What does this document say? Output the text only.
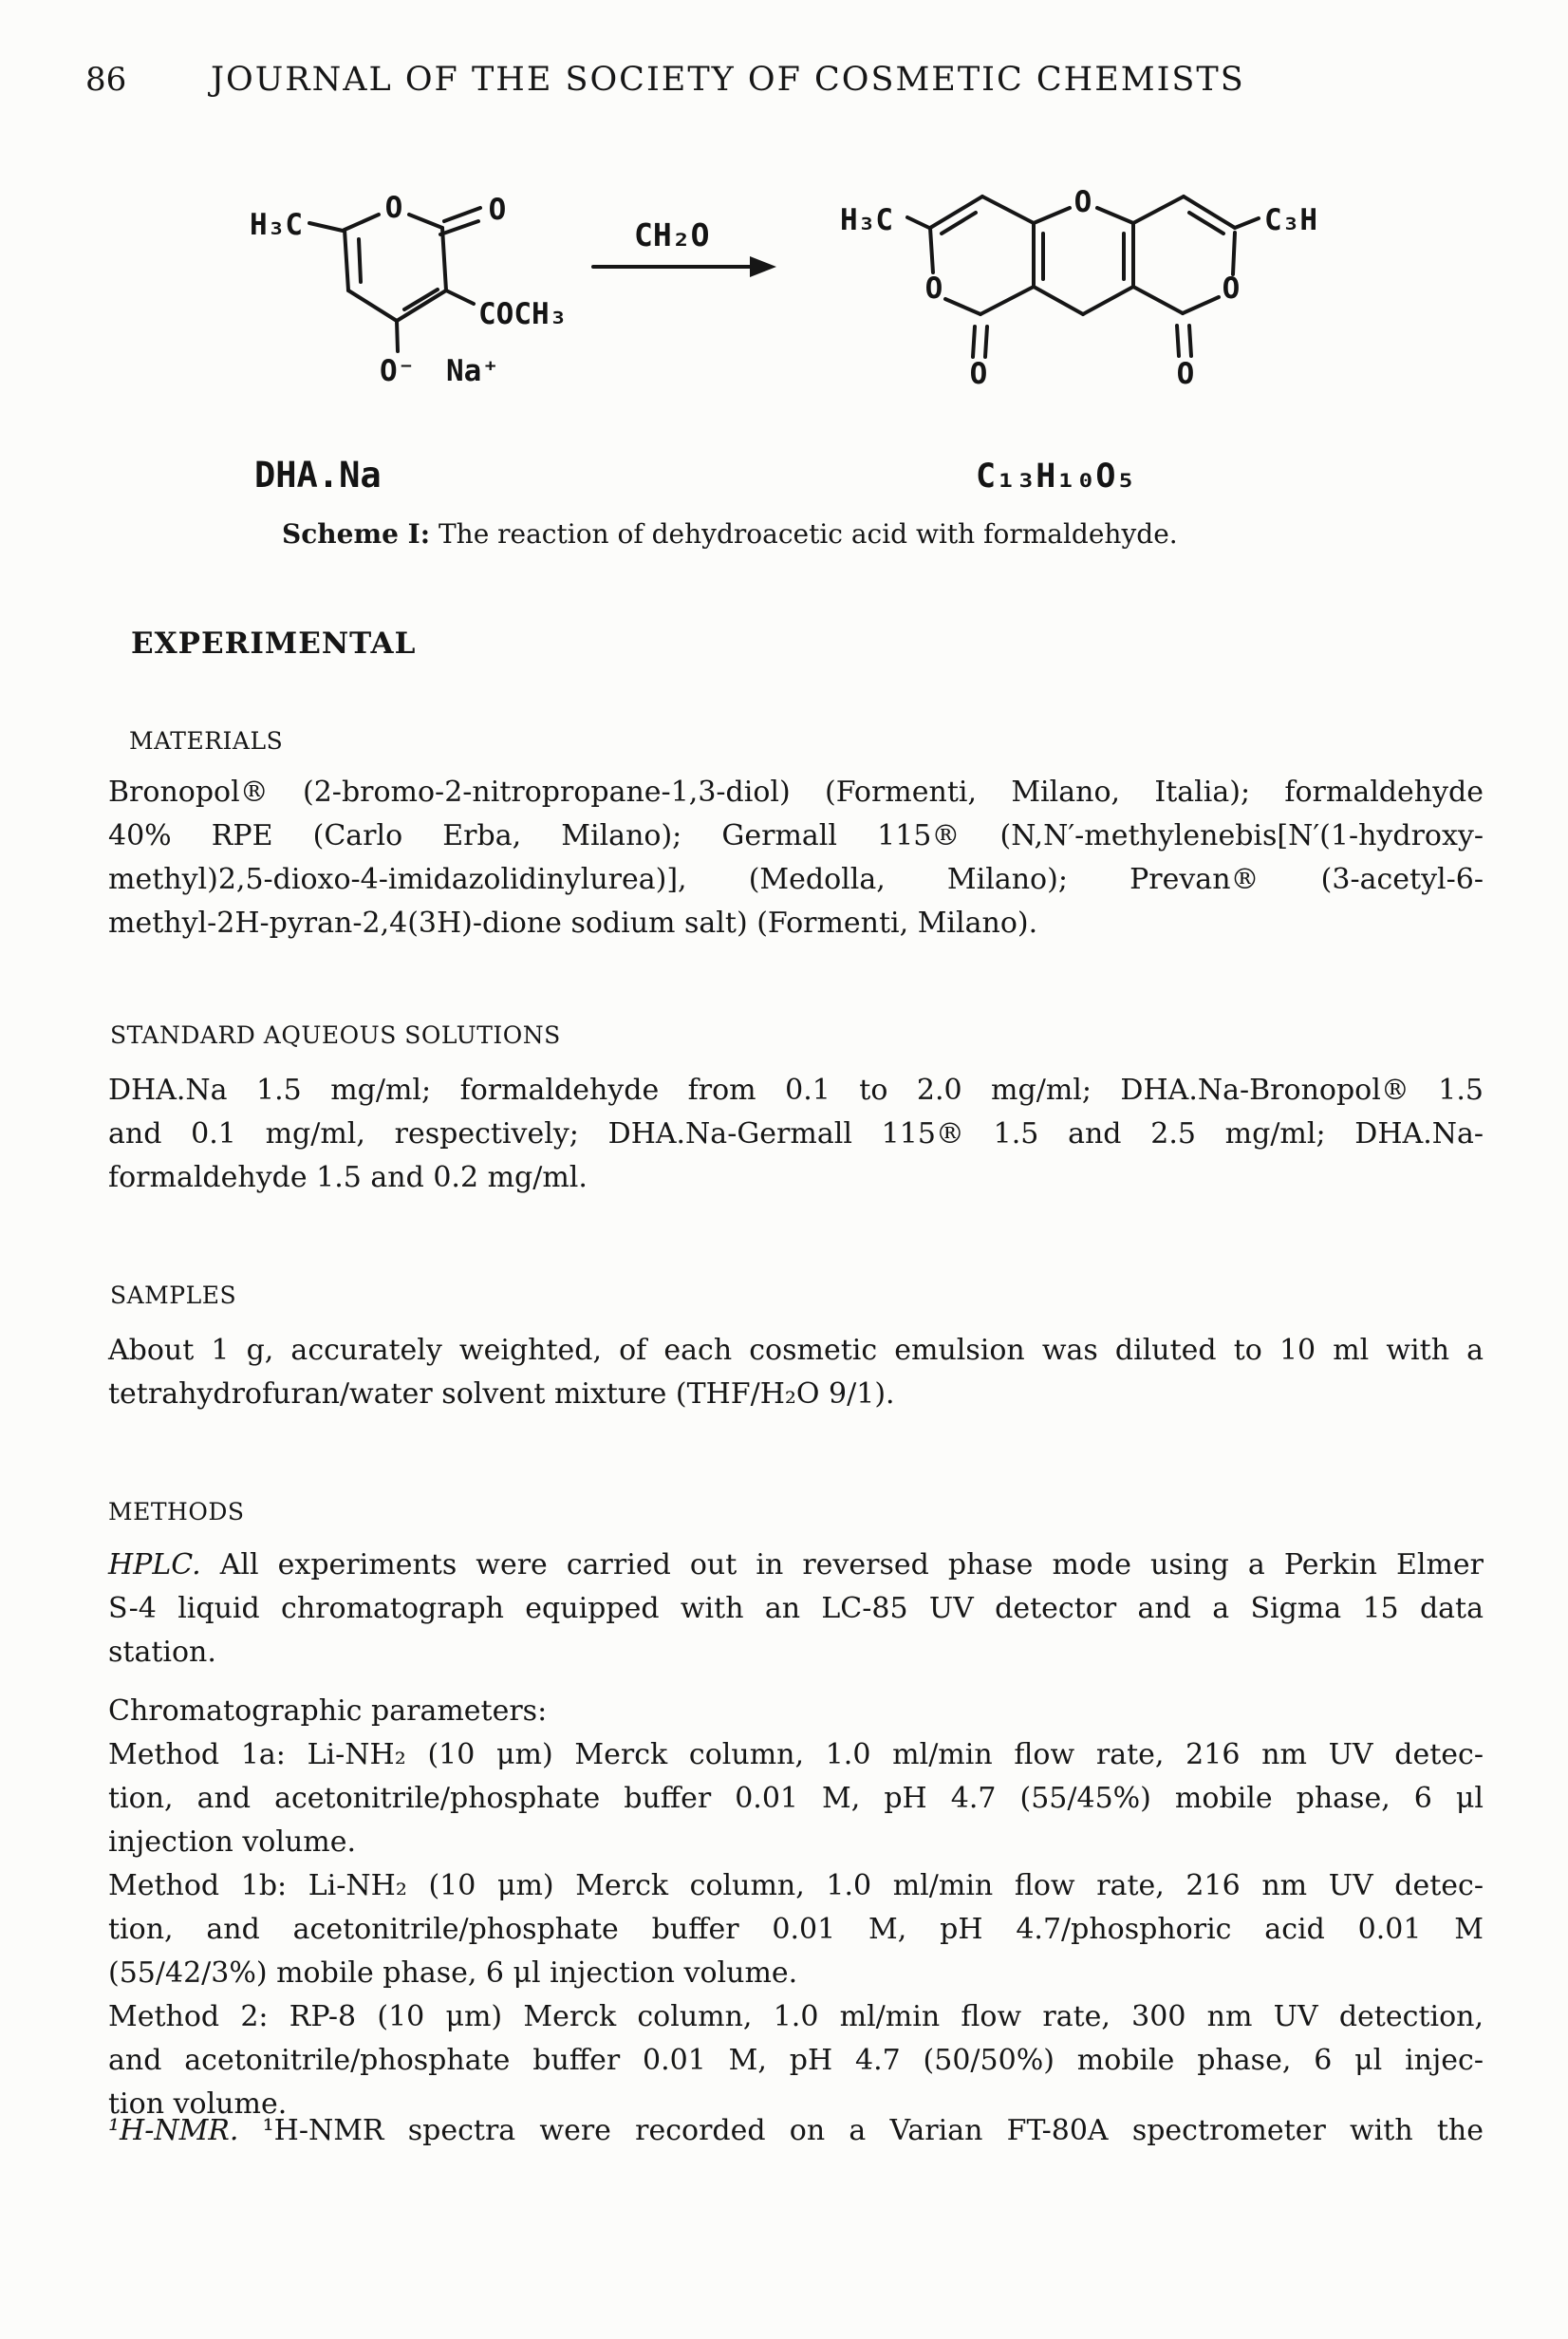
86	JOURNAL OF THE SOCIETY OF COSMETIC CHEMISTS
H₃C	O	O
COCH₃
O⁻ Na⁺
DHA.Na
CH₂O	H₃C	C₃H
O
O	O
O	O
C₁₃H₁₀O₅
Scheme I: The reaction of dehydroacetic acid with formaldehyde.
EXPERIMENTAL
MATERIALS
Bronopol® (2-bromo-2-nitropropane-1,3-diol) (Formenti, Milano, Italia); formaldehyde
40% RPE (Carlo Erba, Milano); Germall 115® (N,N′-methylenebis[N′(1-hydroxy-
methyl)2,5-dioxo-4-imidazolidinylurea)], (Medolla, Milano); Prevan® (3-acetyl-6-
methyl-2H-pyran-2,4(3H)-dione sodium salt) (Formenti, Milano).
STANDARD AQUEOUS SOLUTIONS
DHA.Na 1.5 mg/ml; formaldehyde from 0.1 to 2.0 mg/ml; DHA.Na-Bronopol® 1.5
and 0.1 mg/ml, respectively; DHA.Na-Germall 115® 1.5 and 2.5 mg/ml; DHA.Na-
formaldehyde 1.5 and 0.2 mg/ml.
SAMPLES
About 1 g, accurately weighted, of each cosmetic emulsion was diluted to 10 ml with a
tetrahydrofuran/water solvent mixture (THF/H₂O 9/1).
METHODS
HPLC. All experiments were carried out in reversed phase mode using a Perkin Elmer
S-4 liquid chromatograph equipped with an LC-85 UV detector and a Sigma 15 data
station.
Chromatographic parameters:
Method 1a: Li-NH₂ (10 μm) Merck column, 1.0 ml/min flow rate, 216 nm UV detec-
tion, and acetonitrile/phosphate buffer 0.01 M, pH 4.7 (55/45%) mobile phase, 6 μl
injection volume.
Method 1b: Li-NH₂ (10 μm) Merck column, 1.0 ml/min flow rate, 216 nm UV detec-
tion, and acetonitrile/phosphate buffer 0.01 M, pH 4.7/phosphoric acid 0.01 M
(55/42/3%) mobile phase, 6 μl injection volume.
Method 2: RP-8 (10 μm) Merck column, 1.0 ml/min flow rate, 300 nm UV detection,
and acetonitrile/phosphate buffer 0.01 M, pH 4.7 (50/50%) mobile phase, 6 μl injec-
tion volume.
¹H-NMR. ¹H-NMR spectra were recorded on a Varian FT-80A spectrometer with the
